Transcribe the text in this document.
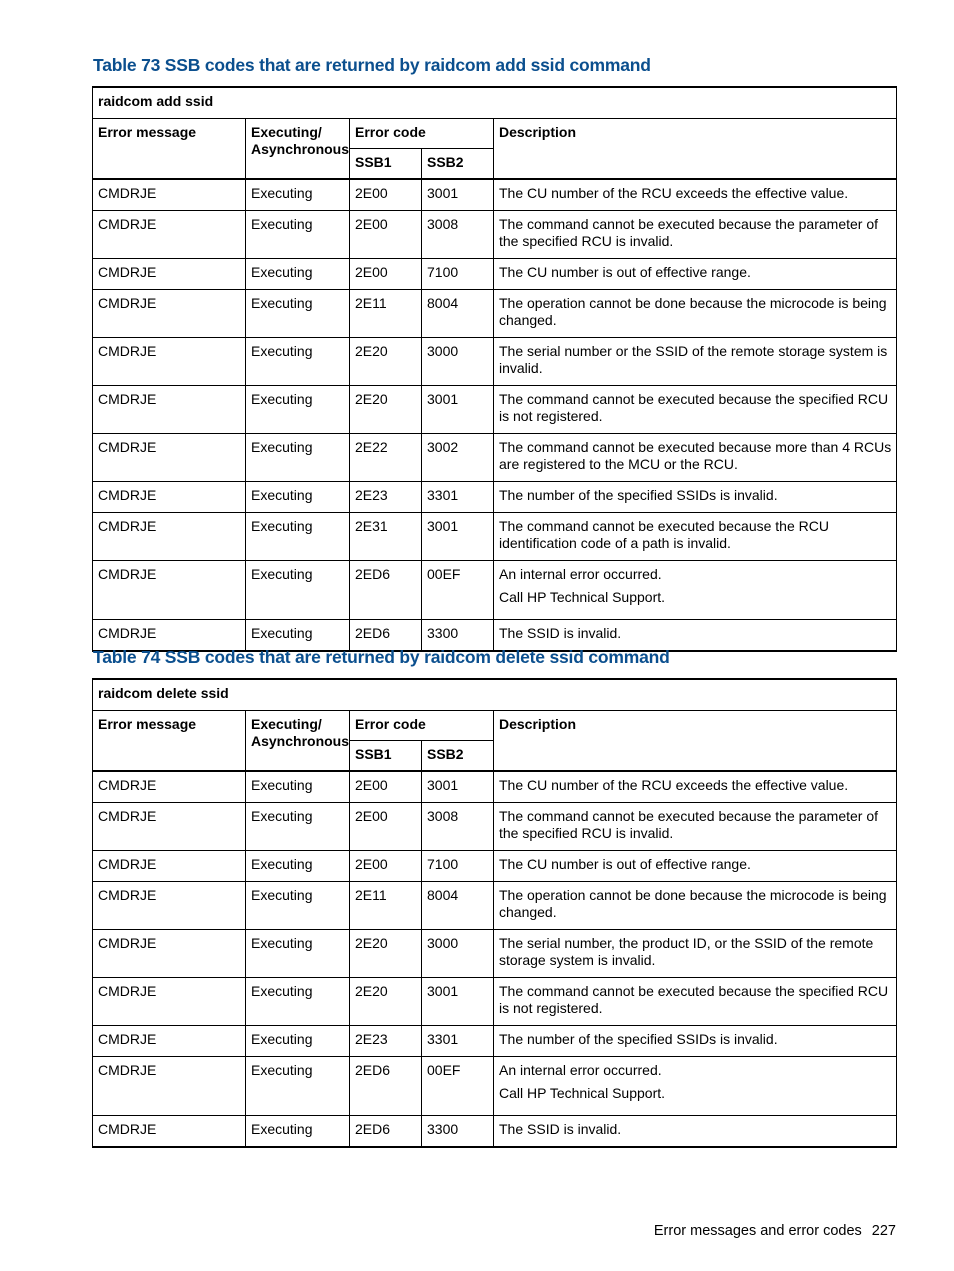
Table 73 SSB codes that are returned by raidcom add ssid command
raidcom add ssid				
Error message	Executing/ Asynchronous	Error code		Description
		SSB1	SSB2	
CMDRJE	Executing	2E00	3001	The CU number of the RCU exceeds the effective value.

CMDRJE	Executing	2E00	3008	The command cannot be executed because the parameter of the specified RCU is invalid.

CMDRJE	Executing	2E00	7100	The CU number is out of effective range.

CMDRJE	Executing	2E11	8004	The operation cannot be done because the microcode is being changed.

CMDRJE	Executing	2E20	3000	The serial number or the SSID of the remote storage system is invalid.

CMDRJE	Executing	2E20	3001	The command cannot be executed because the specified RCU is not registered.

CMDRJE	Executing	2E22	3002	The command cannot be executed because more than 4 RCUs are registered to the MCU or the RCU.

CMDRJE	Executing	2E23	3301	The number of the specified SSIDs is invalid.

CMDRJE	Executing	2E31	3001	The command cannot be executed because the RCU identification code of a path is invalid.

CMDRJE	Executing	2ED6	00EF	An internal error occurred.
Call HP Technical Support.

CMDRJE	Executing	2ED6	3300	The SSID is invalid.
Table 74 SSB codes that are returned by raidcom delete ssid command
raidcom delete ssid				
Error message	Executing/ Asynchronous	Error code		Description
		SSB1	SSB2	
CMDRJE	Executing	2E00	3001	The CU number of the RCU exceeds the effective value.

CMDRJE	Executing	2E00	3008	The command cannot be executed because the parameter of the specified RCU is invalid.

CMDRJE	Executing	2E00	7100	The CU number is out of effective range.

CMDRJE	Executing	2E11	8004	The operation cannot be done because the microcode is being changed.

CMDRJE	Executing	2E20	3000	The serial number, the product ID, or the SSID of the remote storage system is invalid.

CMDRJE	Executing	2E20	3001	The command cannot be executed because the specified RCU is not registered.

CMDRJE	Executing	2E23	3301	The number of the specified SSIDs is invalid.

CMDRJE	Executing	2ED6	00EF	An internal error occurred.
Call HP Technical Support.

CMDRJE	Executing	2ED6	3300	The SSID is invalid.
Error messages and error codes 227
